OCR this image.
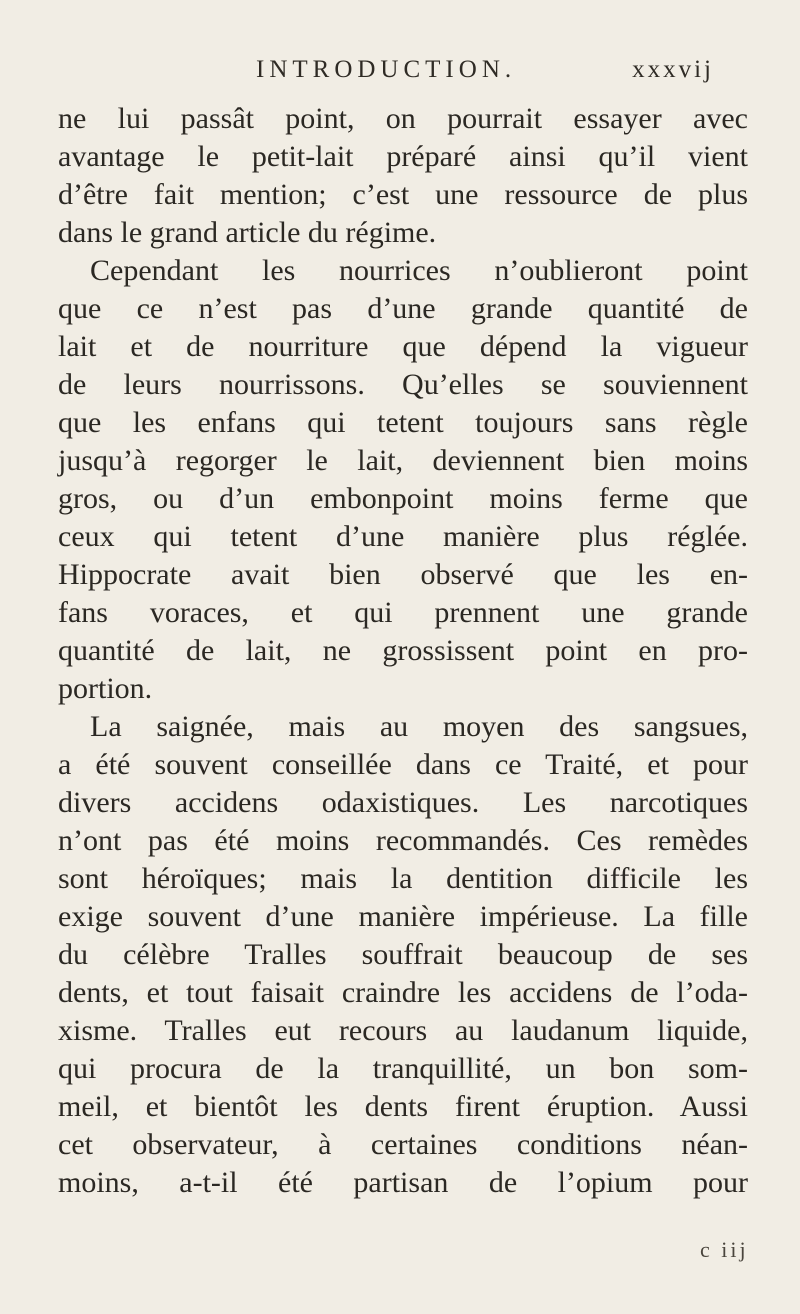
INTRODUCTION.	xxxvij
ne lui passât point, on pourrait essayer avec
avantage le petit-lait préparé ainsi qu’il vient
d’être fait mention; c’est une ressource de plus
dans le grand article du régime.
Cependant les nourrices n’oublieront point
que ce n’est pas d’une grande quantité de
lait et de nourriture que dépend la vigueur
de leurs nourrissons. Qu’elles se souviennent
que les enfans qui tetent toujours sans règle
jusqu’à regorger le lait, deviennent bien moins
gros, ou d’un embonpoint moins ferme que
ceux qui tetent d’une manière plus réglée.
Hippocrate avait bien observé que les en-
fans voraces, et qui prennent une grande
quantité de lait, ne grossissent point en pro-
portion.
La saignée, mais au moyen des sangsues,
a été souvent conseillée dans ce Traité, et pour
divers accidens odaxistiques. Les narcotiques
n’ont pas été moins recommandés. Ces remèdes
sont héroïques; mais la dentition difficile les
exige souvent d’une manière impérieuse. La fille
du célèbre Tralles souffrait beaucoup de ses
dents, et tout faisait craindre les accidens de l’oda-
xisme. Tralles eut recours au laudanum liquide,
qui procura de la tranquillité, un bon som-
meil, et bientôt les dents firent éruption. Aussi
cet observateur, à certaines conditions néan-
moins, a-t-il été partisan de l’opium pour
c iij
